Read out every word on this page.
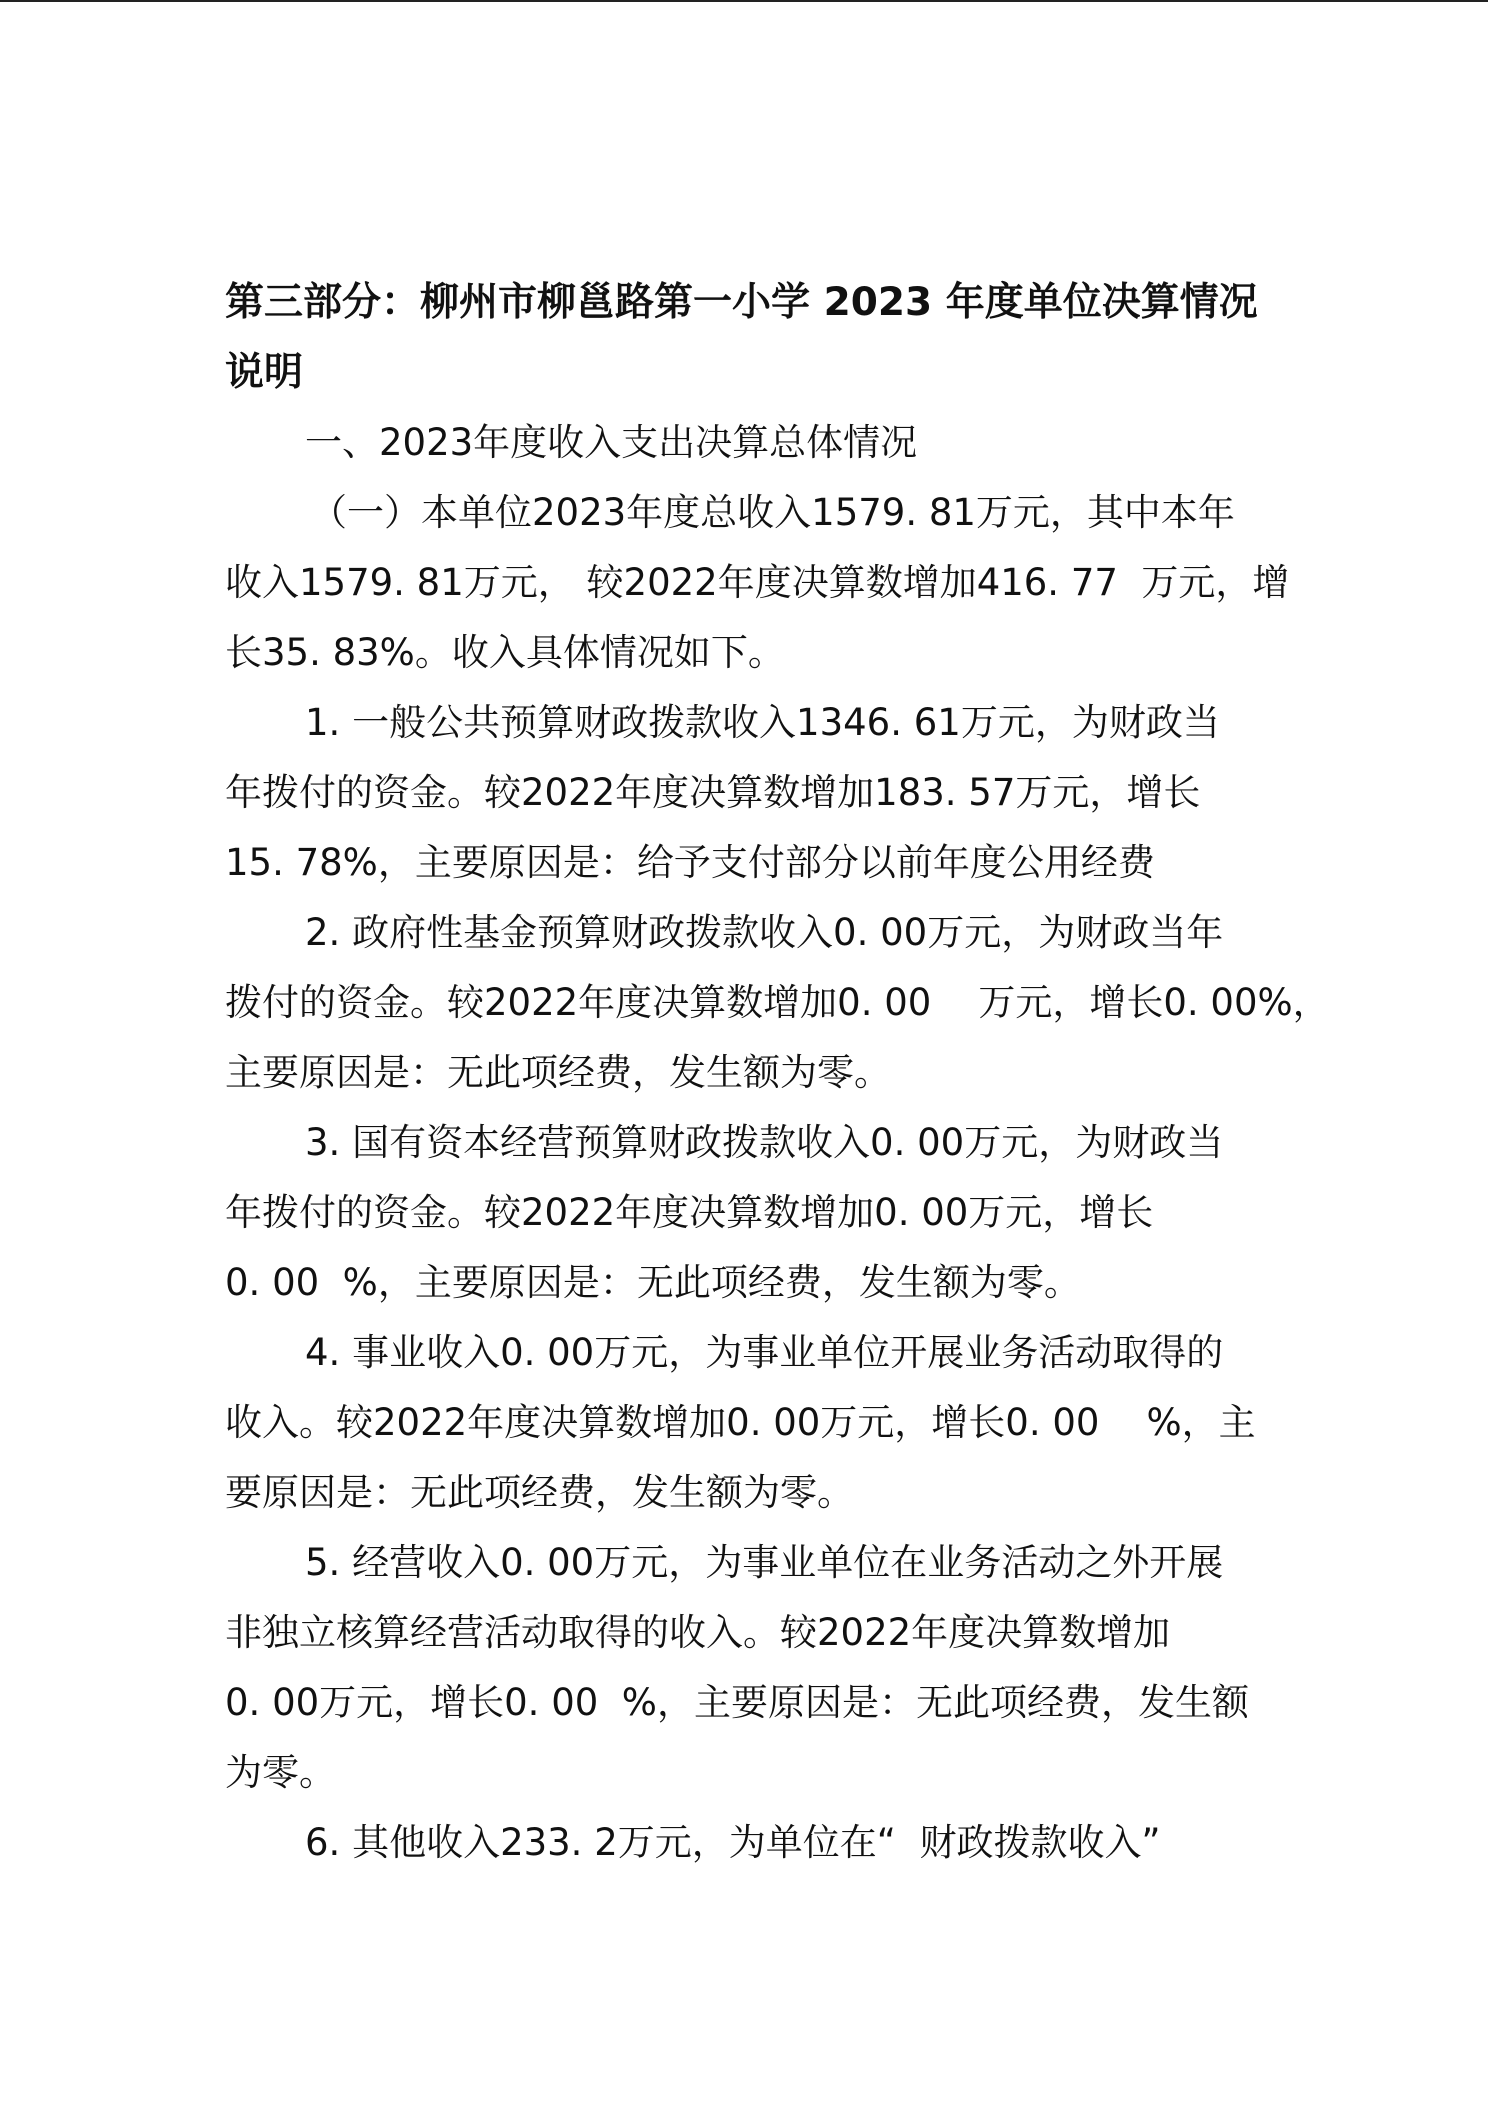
第三部分：柳州市柳邕路第一小学 2023 年度单位决算情况
说明
一、2023年度收入支出决算总体情况
（一）本单位2023年度总收入1579. 81万元，其中本年
收入1579. 81万元， 较2022年度决算数增加416. 77  万元，增
长35. 83%。收入具体情况如下。
1. 一般公共预算财政拨款收入1346. 61万元，为财政当
年拨付的资金。较2022年度决算数增加183. 57万元，增长
15. 78%，主要原因是：给予支付部分以前年度公用经费
2. 政府性基金预算财政拨款收入0. 00万元，为财政当年
拨付的资金。较2022年度决算数增加0. 00    万元，增长0. 00%，
主要原因是：无此项经费，发生额为零。
3. 国有资本经营预算财政拨款收入0. 00万元，为财政当
年拨付的资金。较2022年度决算数增加0. 00万元，增长
0. 00  %，主要原因是：无此项经费，发生额为零。
4. 事业收入0. 00万元，为事业单位开展业务活动取得的
收入。较2022年度决算数增加0. 00万元，增长0. 00    %，主
要原因是：无此项经费，发生额为零。
5. 经营收入0. 00万元，为事业单位在业务活动之外开展
非独立核算经营活动取得的收入。较2022年度决算数增加
0. 00万元，增长0. 00  %，主要原因是：无此项经费，发生额
为零。
6. 其他收入233. 2万元，为单位在“  财政拨款收入”
